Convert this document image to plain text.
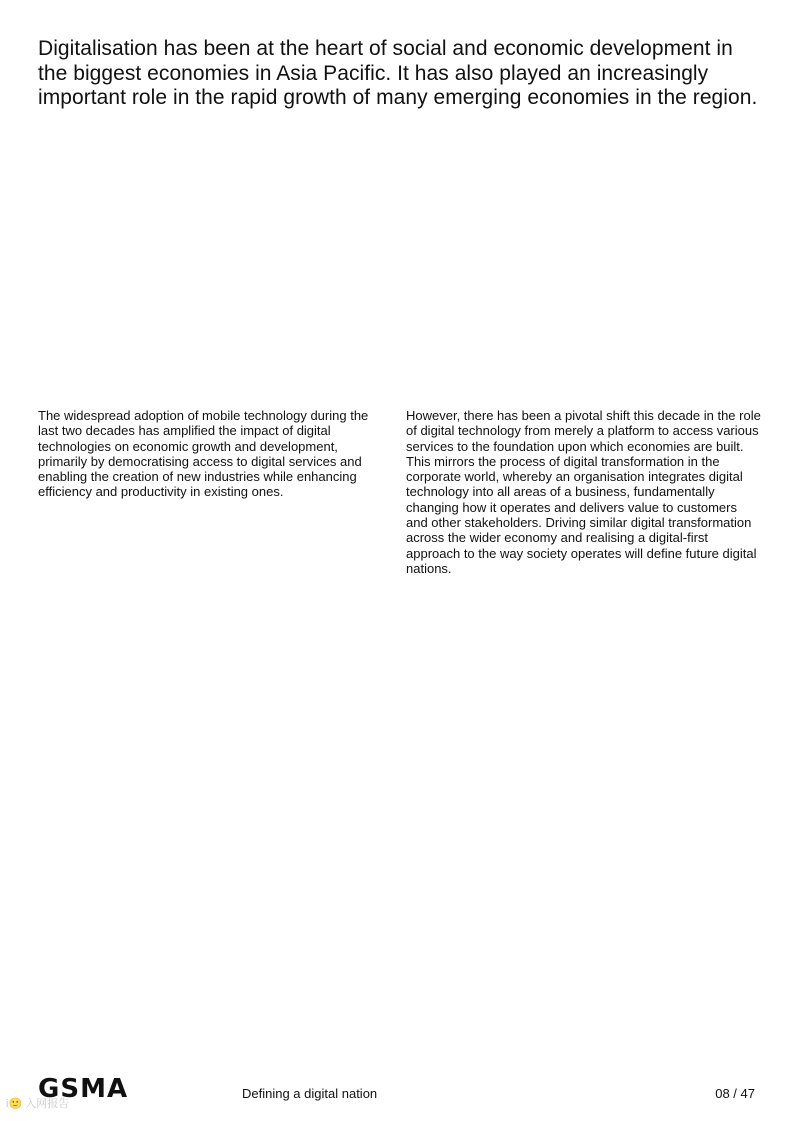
Digitalisation has been at the heart of social and economic development in the biggest economies in Asia Pacific. It has also played an increasingly important role in the rapid growth of many emerging economies in the region.

The widespread adoption of mobile technology during the last two decades has amplified the impact of digital technologies on economic growth and development, primarily by democratising access to digital services and enabling the creation of new industries while enhancing efficiency and productivity in existing ones.

However, there has been a pivotal shift this decade in the role of digital technology from merely a platform to access various services to the foundation upon which economies are built. This mirrors the process of digital transformation in the corporate world, whereby an organisation integrates digital technology into all areas of a business, fundamentally changing how it operates and delivers value to customers and other stakeholders. Driving similar digital transformation across the wider economy and realising a digital-first approach to the way society operates will define future digital nations.

GSMA	Defining a digital nation	08 / 47
i🙂 入网报告
